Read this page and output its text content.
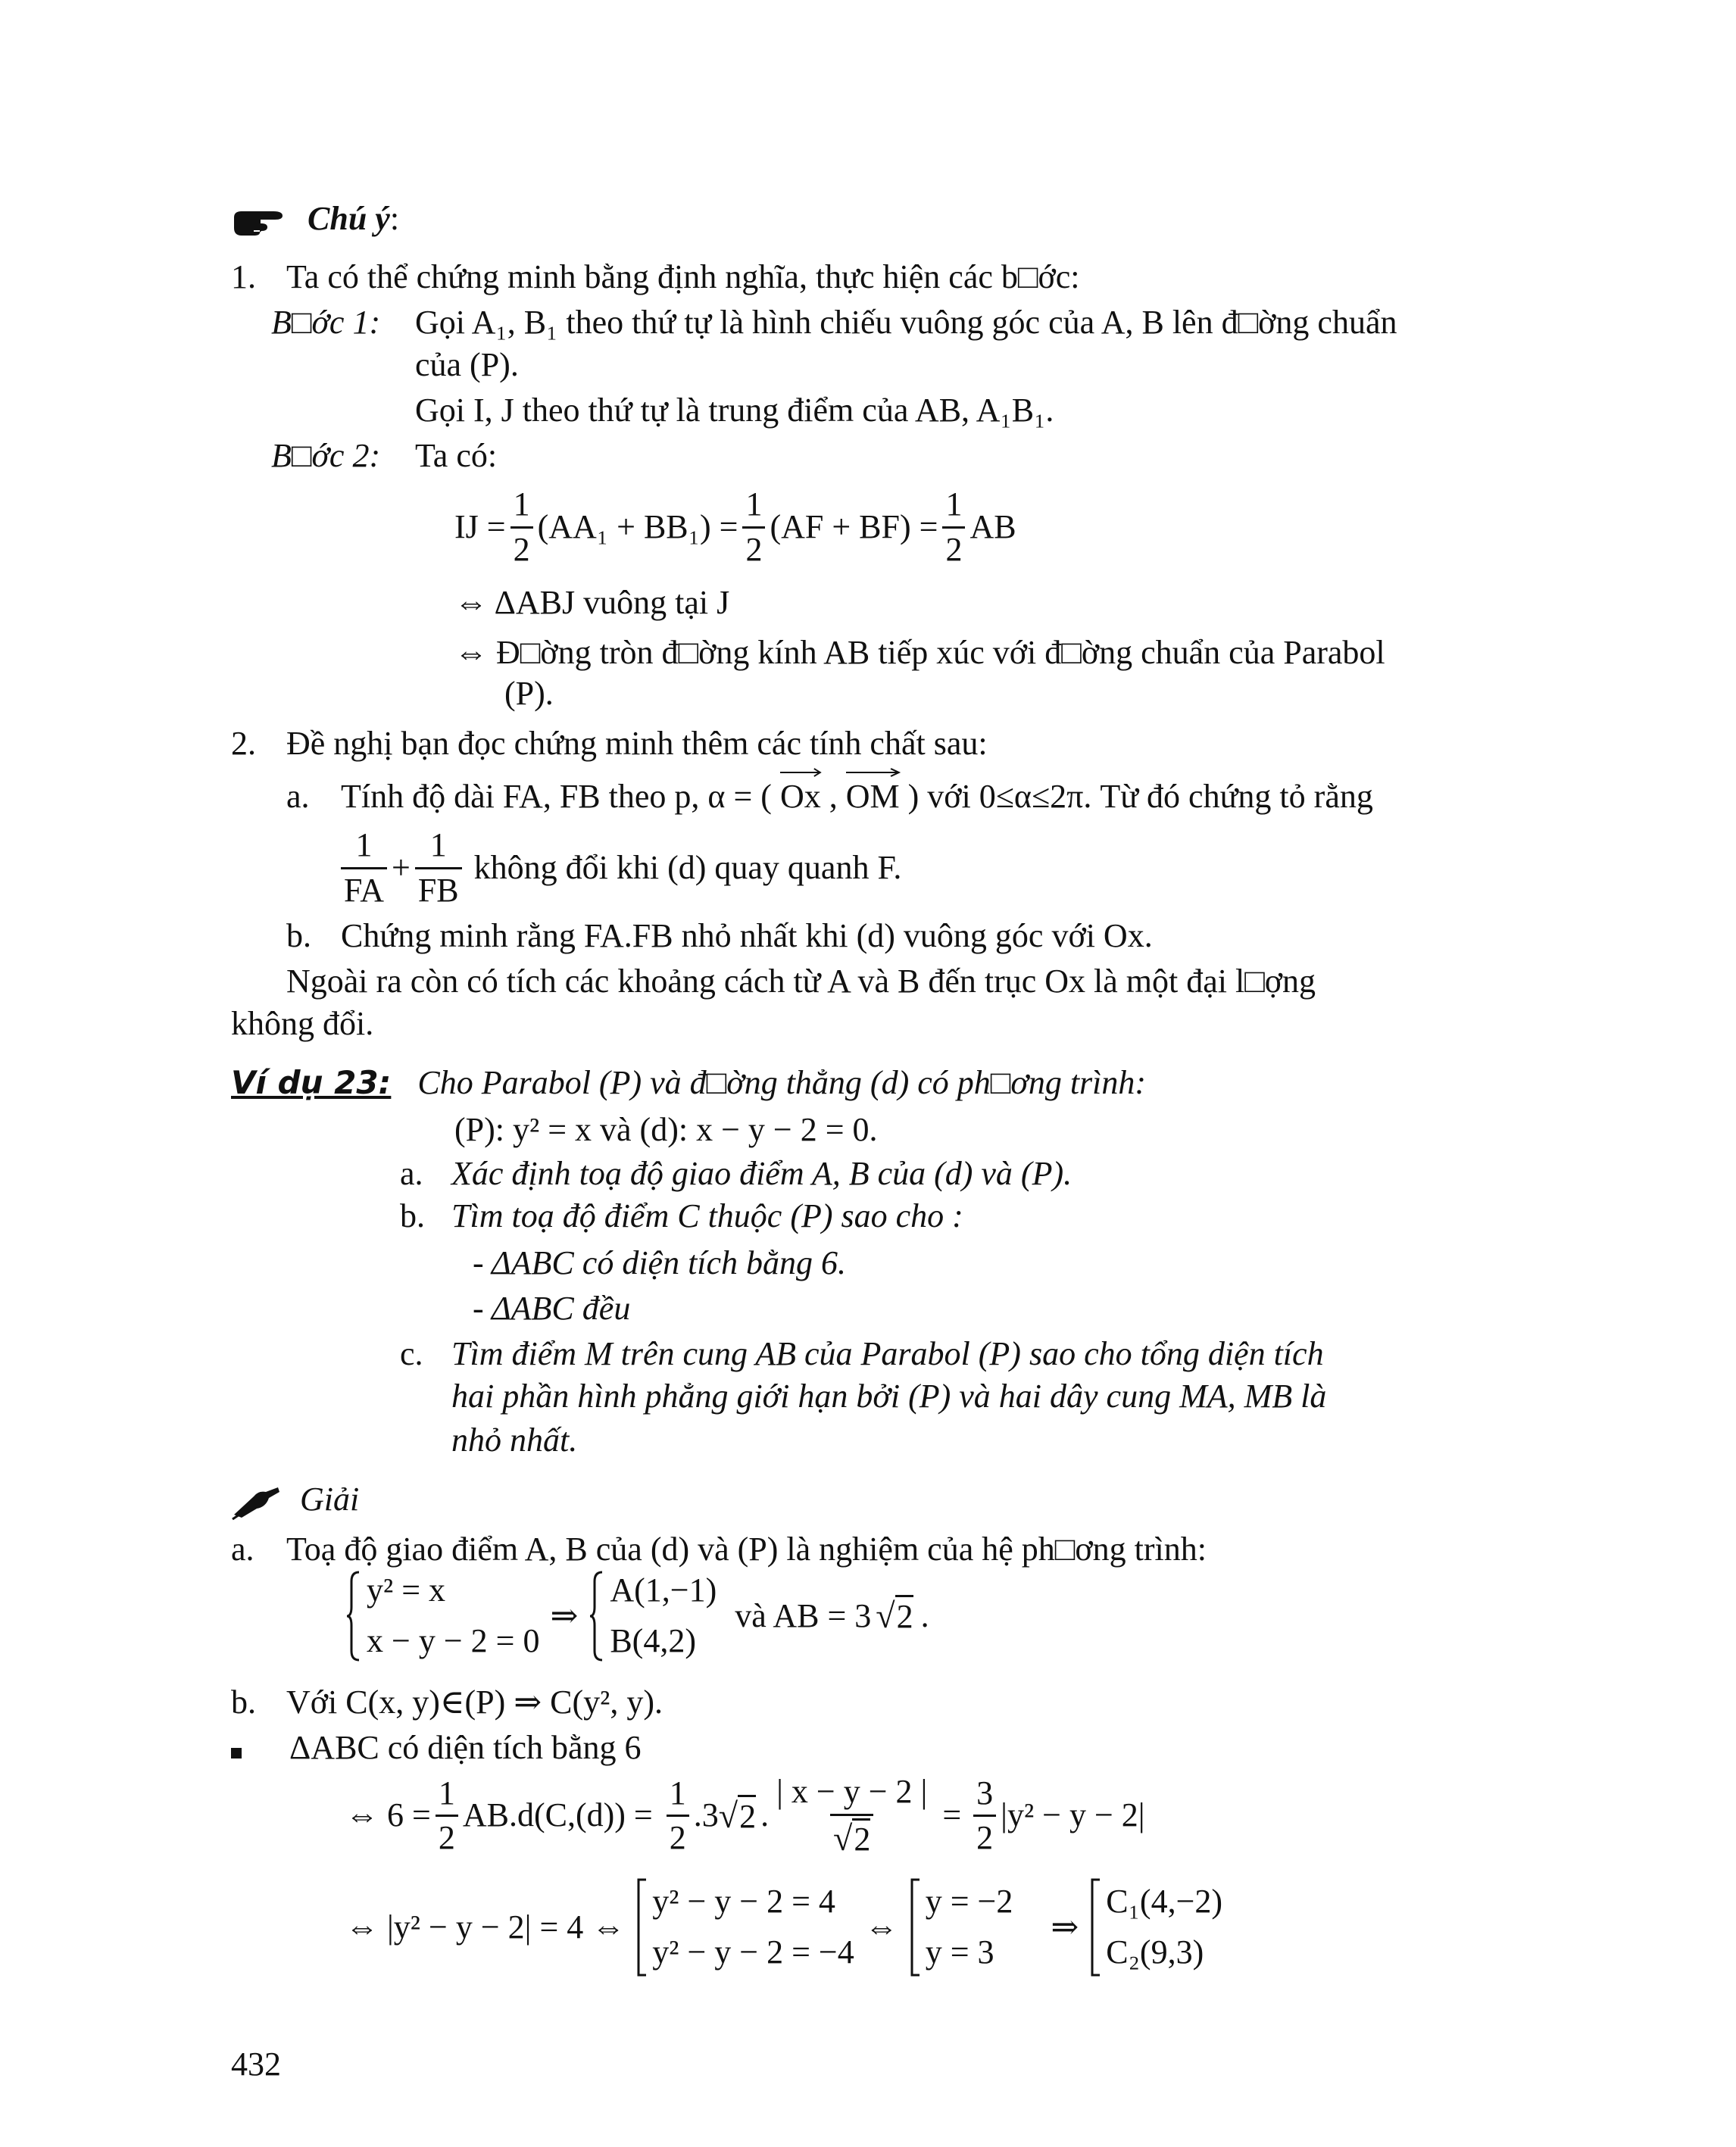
Chú ý:
1. Ta có thể chứng minh bằng định nghĩa, thực hiện các b□ớc:
B□ớc 1: Gọi A₁, B₁ theo thứ tự là hình chiếu vuông góc của A, B lên đ□ờng chuẩn
của (P).
Gọi I, J theo thứ tự là trung điểm của AB, A₁B₁.
B□ớc 2: Ta có:
IJ = $\frac{1}{2} (AA_1 + BB_1) = \frac{1}{2} (AF + BF) = \frac{1}{2}$ AB
⇔ ΔABJ vuông tại J
⇔ Đ□ờng tròn đ□ờng kính AB tiếp xúc với đ□ờng chuẩn của Parabol
(P).
2. Đề nghị bạn đọc chứng minh thêm các tính chất sau:
a. Tính độ dài FA, FB theo p, α = ( Ox , OM ) với 0≤α≤2π. Từ đó chứng tỏ rằng
$\frac{1}{FA} + \frac{1}{FB}$ không đổi khi (d) quay quanh F.
b. Chứng minh rằng FA.FB nhỏ nhất khi (d) vuông góc với Ox.
Ngoài ra còn có tích các khoảng cách từ A và B đến trục Ox là một đại l□ợng
không đổi.
Ví dụ 23: Cho Parabol (P) và đ□ờng thẳng (d) có ph□ơng trình:
(P): y² = x và (d): x − y − 2 = 0.
a. Xác định toạ độ giao điểm A, B của (d) và (P).
b. Tìm toạ độ điểm C thuộc (P) sao cho :
- ΔABC có diện tích bằng 6.
- ΔABC đều
c. Tìm điểm M trên cung AB của Parabol (P) sao cho tổng diện tích
hai phần hình phẳng giới hạn bởi (P) và hai dây cung MA, MB là
nhỏ nhất.
Giải
a. Toạ độ giao điểm A, B của (d) và (P) là nghiệm của hệ ph□ơng trình:
y² = x
x − y − 2 = 0
⇒
A(1,−1)
B(4,2)
và AB = 3 √ 2 .
b. Với C(x, y)∈(P) ⇒ C(y², y).
ΔABC có diện tích bằng 6
⇔ $6 = \frac{1}{2} AB.d(C,(d)) = \frac{1}{2} .3$ √ 2 . $\frac{| x - y - 2 |}{√2} = \frac{3}{2} |y^2 - y - 2|$
⇔ |y² − y − 2| = 4 ⇔
y² − y − 2 = 4
y² − y − 2 = −4
⇔
y = −2
y = 3
⇒
C₁(4,−2)
C₂(9,3)
432
